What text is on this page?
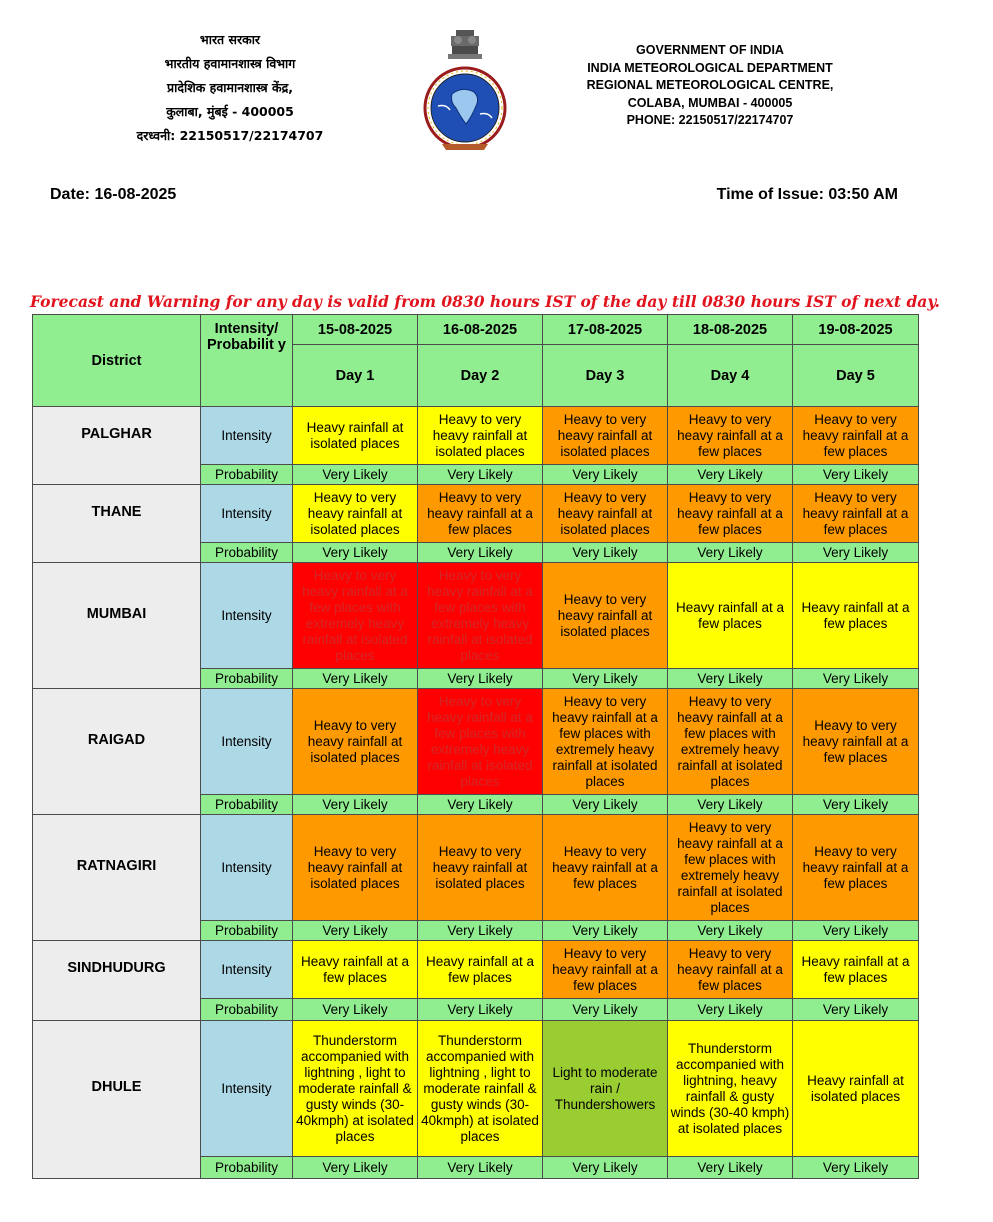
भारत सरकार
भारतीय हवामानशास्त्र विभाग
प्रादेशिक हवामानशास्त्र केंद्र,
कुलाबा, मुंबई - 400005
दरध्वनी: 22150517/22174707
GOVERNMENT OF INDIA
INDIA METEOROLOGICAL DEPARTMENT
REGIONAL METEOROLOGICAL CENTRE,
COLABA, MUMBAI - 400005
PHONE: 22150517/22174707
Date: 16-08-2025	Time of Issue: 03:50 AM
Forecast and Warning for any day is valid from 0830 hours IST of the day till 0830 hours IST of next day.
District	Intensity/ Probabilit y	15-08-2025	16-08-2025	17-08-2025	18-08-2025	19-08-2025
		Day 1	Day 2	Day 3	Day 4	Day 5
PALGHAR	Intensity	Heavy rainfall at isolated places	Heavy to very heavy rainfall at isolated places	Heavy to very heavy rainfall at isolated places	Heavy to very heavy rainfall at a few places	Heavy to very heavy rainfall at a few places
	Probability	Very Likely	Very Likely	Very Likely	Very Likely	Very Likely
THANE	Intensity	Heavy to very heavy rainfall at isolated places	Heavy to very heavy rainfall at a few places	Heavy to very heavy rainfall at isolated places	Heavy to very heavy rainfall at a few places	Heavy to very heavy rainfall at a few places
	Probability	Very Likely	Very Likely	Very Likely	Very Likely	Very Likely
MUMBAI	Intensity	Heavy to very heavy rainfall at a few places with extremely heavy rainfall at isolated places	Heavy to very heavy rainfall at a few places with extremely heavy rainfall at isolated places	Heavy to very heavy rainfall at isolated places	Heavy rainfall at a few places	Heavy rainfall at a few places
	Probability	Very Likely	Very Likely	Very Likely	Very Likely	Very Likely
RAIGAD	Intensity	Heavy to very heavy rainfall at isolated places	Heavy to very heavy rainfall at a few places with extremely heavy rainfall at isolated places	Heavy to very heavy rainfall at a few places with extremely heavy rainfall at isolated places	Heavy to very heavy rainfall at a few places with extremely heavy rainfall at isolated places	Heavy to very heavy rainfall at a few places
	Probability	Very Likely	Very Likely	Very Likely	Very Likely	Very Likely
RATNAGIRI	Intensity	Heavy to very heavy rainfall at isolated places	Heavy to very heavy rainfall at isolated places	Heavy to very heavy rainfall at a few places	Heavy to very heavy rainfall at a few places with extremely heavy rainfall at isolated places	Heavy to very heavy rainfall at a few places
	Probability	Very Likely	Very Likely	Very Likely	Very Likely	Very Likely
SINDHUDURG	Intensity	Heavy rainfall at a few places	Heavy rainfall at a few places	Heavy to very heavy rainfall at a few places	Heavy to very heavy rainfall at a few places	Heavy rainfall at a few places
	Probability	Very Likely	Very Likely	Very Likely	Very Likely	Very Likely
DHULE	Intensity	Thunderstorm accompanied with lightning , light to moderate rainfall & gusty winds (30-40kmph) at isolated places	Thunderstorm accompanied with lightning , light to moderate rainfall & gusty winds (30-40kmph) at isolated places	Light to moderate rain / Thundershowers	Thunderstorm accompanied with lightning, heavy rainfall & gusty winds (30-40 kmph) at isolated places	Heavy rainfall at isolated places
	Probability	Very Likely	Very Likely	Very Likely	Very Likely	Very Likely
